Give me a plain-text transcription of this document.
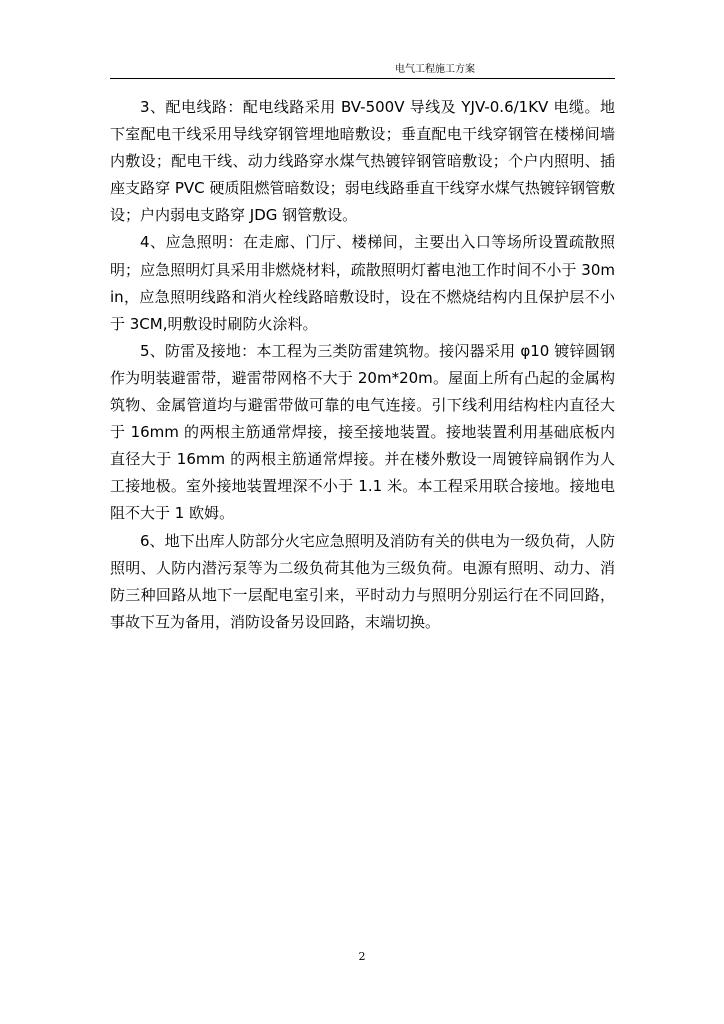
电气工程施工方案

3、配电线路：配电线路采用 BV-500V 导线及 YJV-0.6/1KV 电缆。地下室配电干线采用导线穿钢管埋地暗敷设；垂直配电干线穿钢管在楼梯间墙内敷设；配电干线、动力线路穿水煤气热镀锌钢管暗敷设；个户内照明、插座支路穿 PVC 硬质阻燃管暗数设；弱电线路垂直干线穿水煤气热镀锌钢管敷设；户内弱电支路穿 JDG 钢管敷设。

4、应急照明：在走廊、门厅、楼梯间，主要出入口等场所设置疏散照明；应急照明灯具采用非燃烧材料，疏散照明灯蓄电池工作时间不小于 30min，应急照明线路和消火栓线路暗敷设时，设在不燃烧结构内且保护层不小于 3CM,明敷设时刷防火涂料。

5、防雷及接地：本工程为三类防雷建筑物。接闪器采用 φ10 镀锌圆钢作为明装避雷带，避雷带网格不大于 20m*20m。屋面上所有凸起的金属构筑物、金属管道均与避雷带做可靠的电气连接。引下线利用结构柱内直径大于 16mm 的两根主筋通常焊接，接至接地装置。接地装置利用基础底板内直径大于 16mm 的两根主筋通常焊接。并在楼外敷设一周镀锌扁钢作为人工接地极。室外接地装置埋深不小于 1.1 米。本工程采用联合接地。接地电阻不大于 1 欧姆。

6、地下出库人防部分火宅应急照明及消防有关的供电为一级负荷，人防照明、人防内潜污泵等为二级负荷其他为三级负荷。电源有照明、动力、消防三种回路从地下一层配电室引来，平时动力与照明分别运行在不同回路，事故下互为备用，消防设备另设回路，末端切换。

2
